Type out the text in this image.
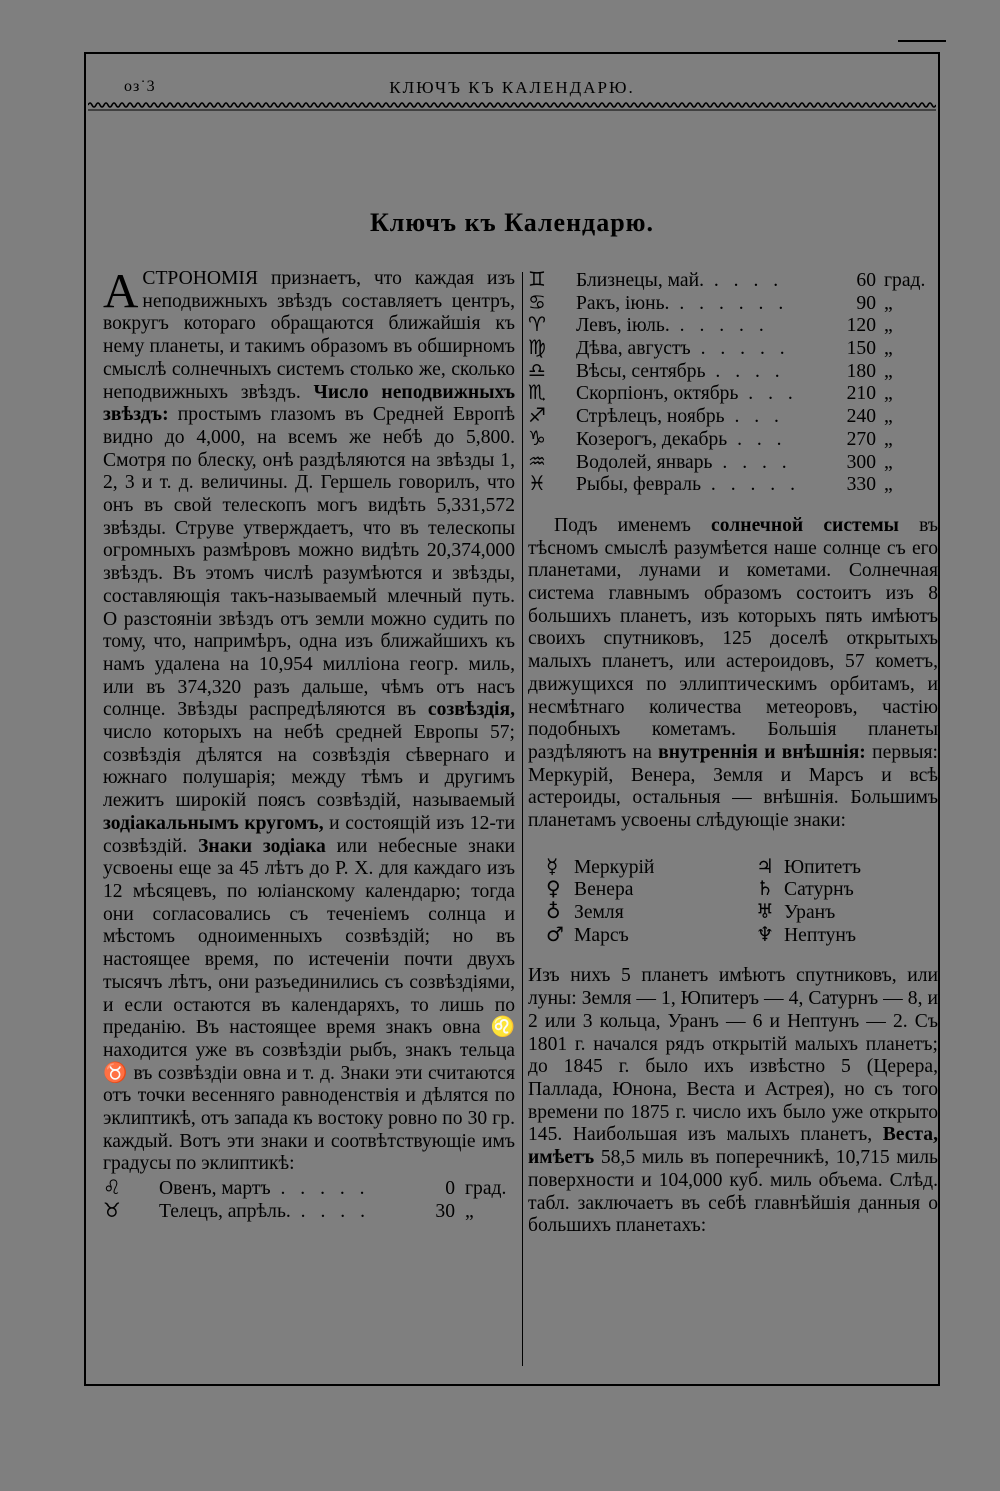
оз˙3	КЛЮЧЪ КЪ КАЛЕНДАРЮ.
Ключъ къ Календарю.

АСТРОНОМIЯ признаетъ, что каждая изъ неподвижныхъ звѣздъ составляетъ центръ, вокругъ котораго обращаются ближайшія къ нему планеты, и такимъ образомъ въ обширномъ смыслѣ солнечныхъ системъ столько же, сколько неподвижныхъ звѣздъ. Число неподвижныхъ звѣздъ: простымъ глазомъ въ Средней Европѣ видно до 4,000, на всемъ же небѣ до 5,800. Смотря по блеску, онѣ раздѣляются на звѣзды 1, 2, 3 и т. д. величины. Д. Гершель говорилъ, что онъ въ свой телескопъ могъ видѣть 5,331,572 звѣзды. Струве утверждаетъ, что въ телескопы огромныхъ размѣровъ можно видѣть 20,374,000 звѣздъ. Въ этомъ числѣ разумѣются и звѣзды, составляющія такъ-называемый млечный путь. О разстояніи звѣздъ отъ земли можно судить по тому, что, напримѣръ, одна изъ ближайшихъ къ намъ удалена на 10,954 милліона геогр. миль, или въ 374,320 разъ дальше, чѣмъ отъ насъ солнце. Звѣзды распредѣляются въ созвѣздія, число которыхъ на небѣ средней Европы 57; созвѣздія дѣлятся на созвѣздія сѣвернаго и южнаго полушарія; между тѣмъ и другимъ лежитъ широкій поясъ созвѣздій, называемый зодіакальнымъ кругомъ, и состоящій изъ 12-ти созвѣздій. Знаки зодіака или небесные знаки усвоены еще за 45 лѣтъ до Р. Х. для каждаго изъ 12 мѣсяцевъ, по юліанскому календарю; тогда они согласовались съ теченіемъ солнца и мѣстомъ одноименныхъ созвѣздій; но въ настоящее время, по истеченіи почти двухъ тысячъ лѣтъ, они разъединились съ созвѣздіями, и если остаются въ календаряхъ, то лишь по преданію. Въ настоящее время знакъ овна ♌ находится уже въ созвѣздіи рыбъ, знакъ тельца ♉ въ созвѣздіи овна и т. д. Знаки эти считаются отъ точки весенняго равноденствія и дѣлятся по эклиптикѣ, отъ запада къ востоку ровно по 30 гр. каждый. Вотъ эти знаки и соотвѣтствующіе имъ градусы по эклиптикѣ:

♌	Овенъ, мартъ . . . . .	0 град.
♉	Телецъ, апрѣль. . . . .	30 „
♊	Близнецы, май. . . . .	60 град.
♋	Ракъ, іюнь. . . . . . .	90 „
♈	Левъ, іюль. . . . . .	120 „
♍	Дѣва, августъ . . . . .	150 „
♎	Вѣсы, сентябрь . . . .	180 „
♏	Скорпіонъ, октябрь . . .	210 „
♐	Стрѣлецъ, ноябрь . . .	240 „
♑	Козерогъ, декабрь . . .	270 „
♒	Водолей, январь . . . .	300 „
♓	Рыбы, февраль . . . . .	330 „

Подъ именемъ солнечной системы въ тѣсномъ смыслѣ разумѣется наше солнце съ его планетами, лунами и кометами. Солнечная система главнымъ образомъ состоитъ изъ 8 большихъ планетъ, изъ которыхъ пять имѣютъ своихъ спутниковъ, 125 доселѣ открытыхъ малыхъ планетъ, или астероидовъ, 57 кометъ, движущихся по эллиптическимъ орбитамъ, и несмѣтнаго количества метеоровъ, частію подобныхъ кометамъ. Большія планеты раздѣляютъ на внутреннія и внѣшнія: первыя: Меркурій, Венера, Земля и Марсъ и всѣ астероиды, остальныя — внѣшнія. Большимъ планетамъ усвоены слѣдующіе знаки:

☿ Меркурій	♃ Юпитетъ
♀ Венера	♄ Сатурнъ
♁ Земля	♅ Уранъ
♂ Марсъ	♆ Нептунъ

Изъ нихъ 5 планетъ имѣютъ спутниковъ, или луны: Земля — 1, Юпитеръ — 4, Сатурнъ — 8, и 2 или 3 кольца, Уранъ — 6 и Нептунъ — 2. Съ 1801 г. начался рядъ открытій малыхъ планетъ; до 1845 г. было ихъ извѣстно 5 (Церера, Паллада, Юнона, Веста и Астрея), но съ того времени по 1875 г. число ихъ было уже открыто 145. Наибольшая изъ малыхъ планетъ, Веста, имѣетъ 58,5 миль въ поперечникѣ, 10,715 миль поверхности и 104,000 куб. миль объема. Слѣд. табл. заключаетъ въ себѣ главнѣйшія данныя о большихъ планетахъ:
